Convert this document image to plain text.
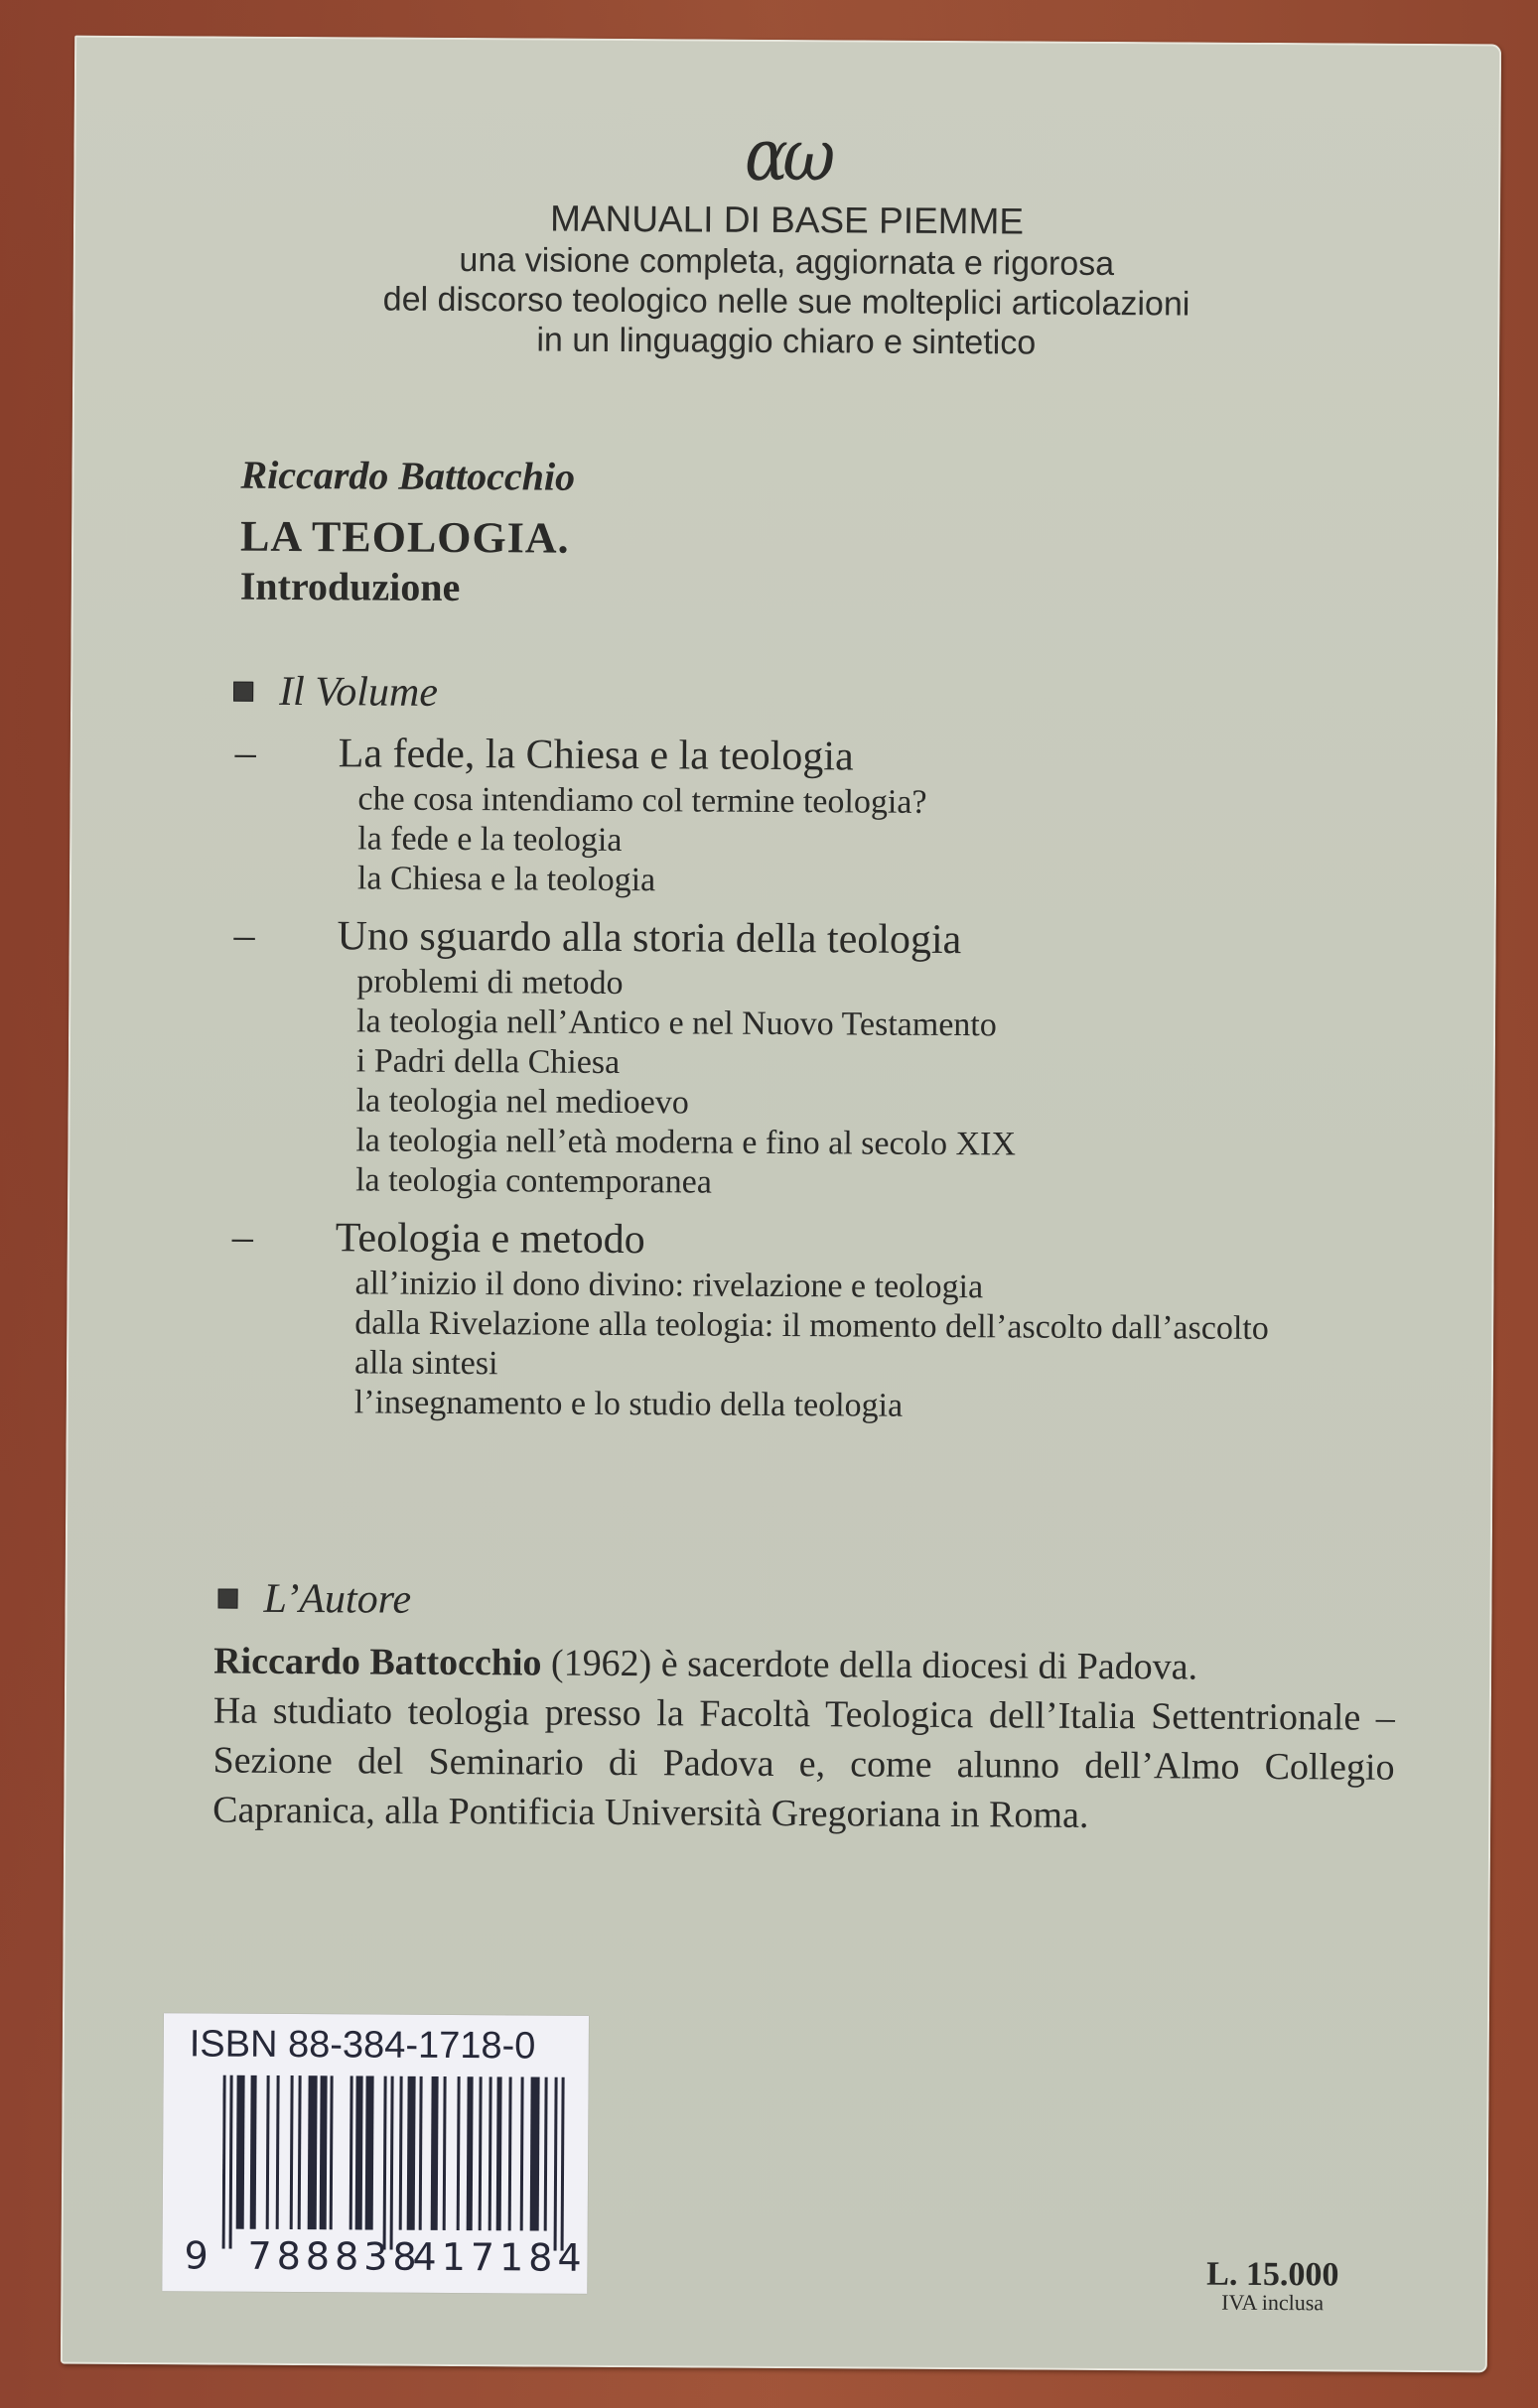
αω
MANUALI DI BASE PIEMME
una visione completa, aggiornata e rigorosa
del discorso teologico nelle sue molteplici articolazioni
in un linguaggio chiaro e sintetico
Riccardo Battocchio
LA TEOLOGIA.
Introduzione
Il Volume
–	La fede, la Chiesa e la teologia
che cosa intendiamo col termine teologia?
la fede e la teologia
la Chiesa e la teologia
–	Uno sguardo alla storia della teologia
problemi di metodo
la teologia nell’Antico e nel Nuovo Testamento
i Padri della Chiesa
la teologia nel medioevo
la teologia nell’età moderna e fino al secolo XIX
la teologia contemporanea
–	Teologia e metodo
all’inizio il dono divino: rivelazione e teologia
dalla Rivelazione alla teologia: il momento dell’ascolto dall’ascolto
alla sintesi
l’insegnamento e lo studio della teologia
L’Autore
Riccardo Battocchio (1962) è sacerdote della diocesi di Padova.
Ha studiato teologia presso la Facoltà Teologica dell’Italia Settentrionale – Sezione del Seminario di Padova e, come alunno dell’Almo Collegio Capranica, alla Pontificia Università Gregoriana in Roma.
ISBN 88-384-1718-0
9 788838
417184	L. 15.000
IVA inclusa
